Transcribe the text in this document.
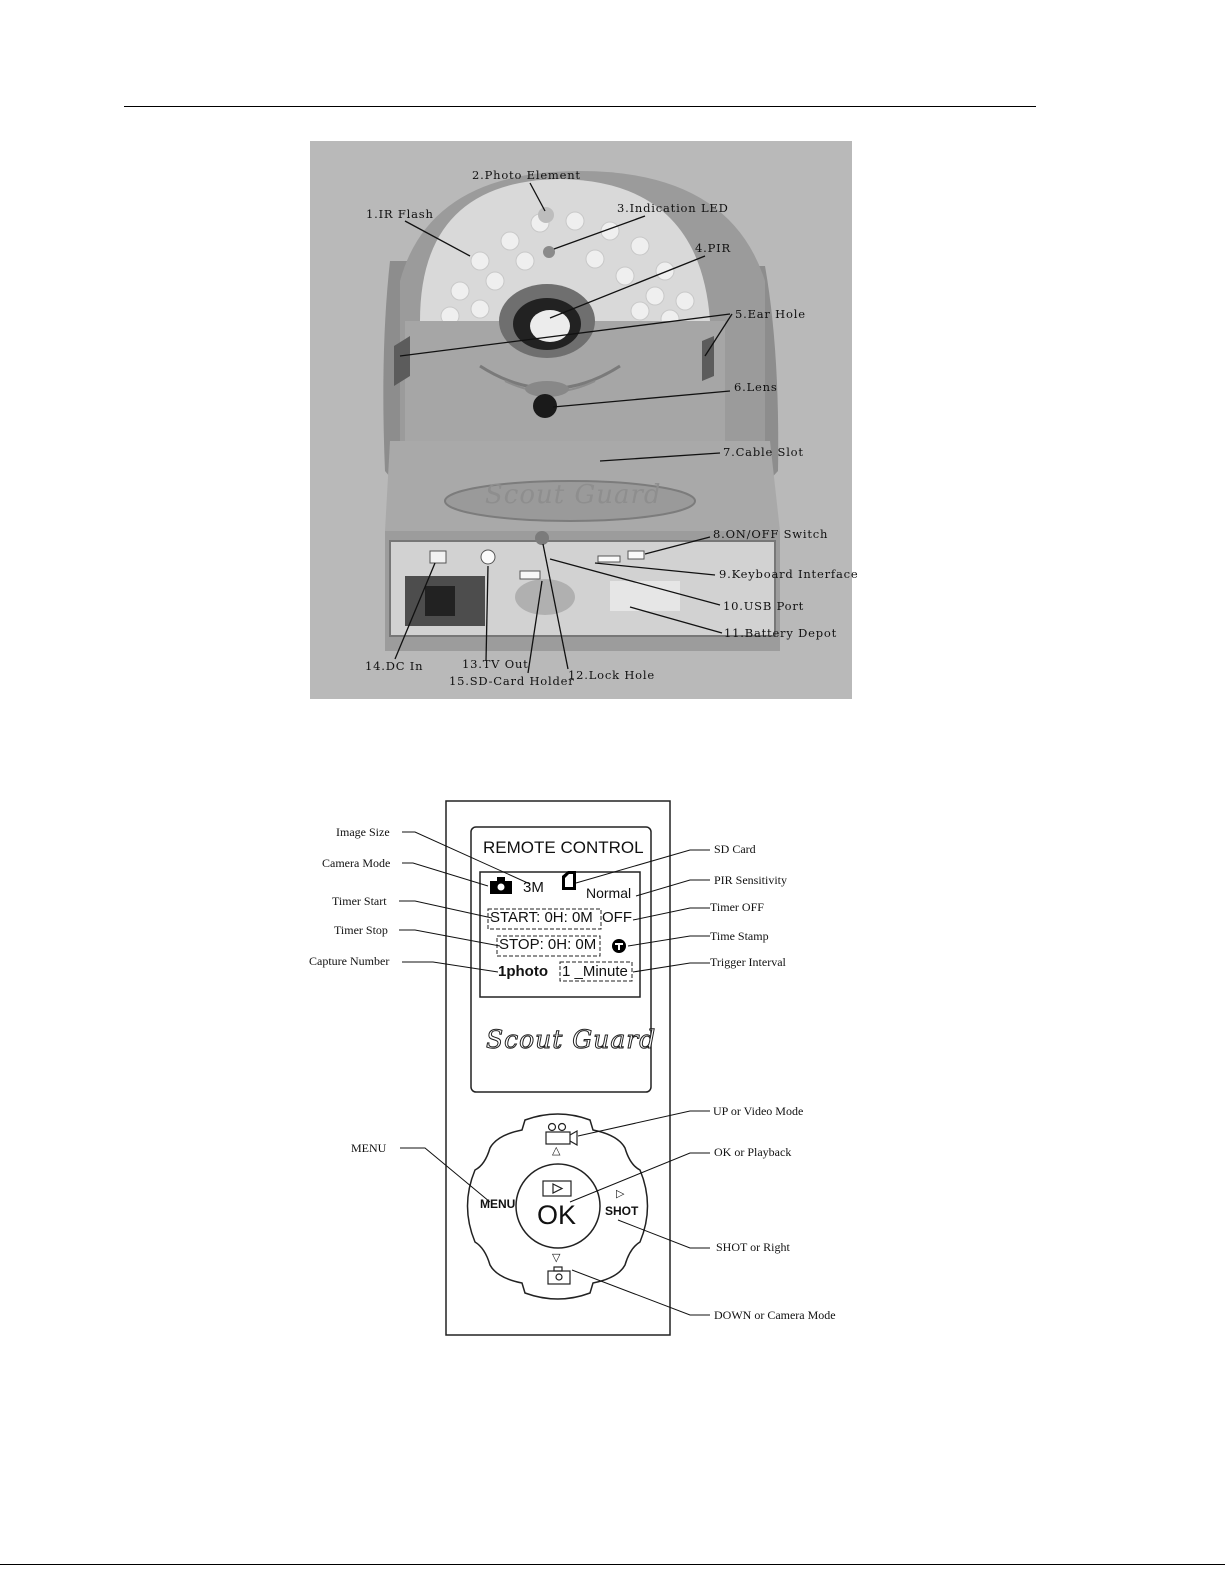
Scout Guard
2.Photo Element
1.IR Flash	3.Indication LED
4.PIR
5.Ear Hole
6.Lens
7.Cable Slot
8.ON/OFF Switch
9.Keyboard Interface
10.USB Port
11.Battery Depot
12.Lock Hole
13.TV Out
14.DC In
15.SD-Card Holder
REMOTE CONTROL
3M	Normal
START: 0H: 0M OFF
STOP: 0H: 0M
1photo 1 _Minute
Scout Guard
△
MENU OK
▷
SHOT
▽
Image Size
Camera Mode
Timer Start
Timer Stop
Capture Number
MENU
SD Card
PIR Sensitivity
Timer OFF
Time Stamp
Trigger Interval
UP or Video Mode
OK or Playback
SHOT or Right
DOWN or Camera Mode
